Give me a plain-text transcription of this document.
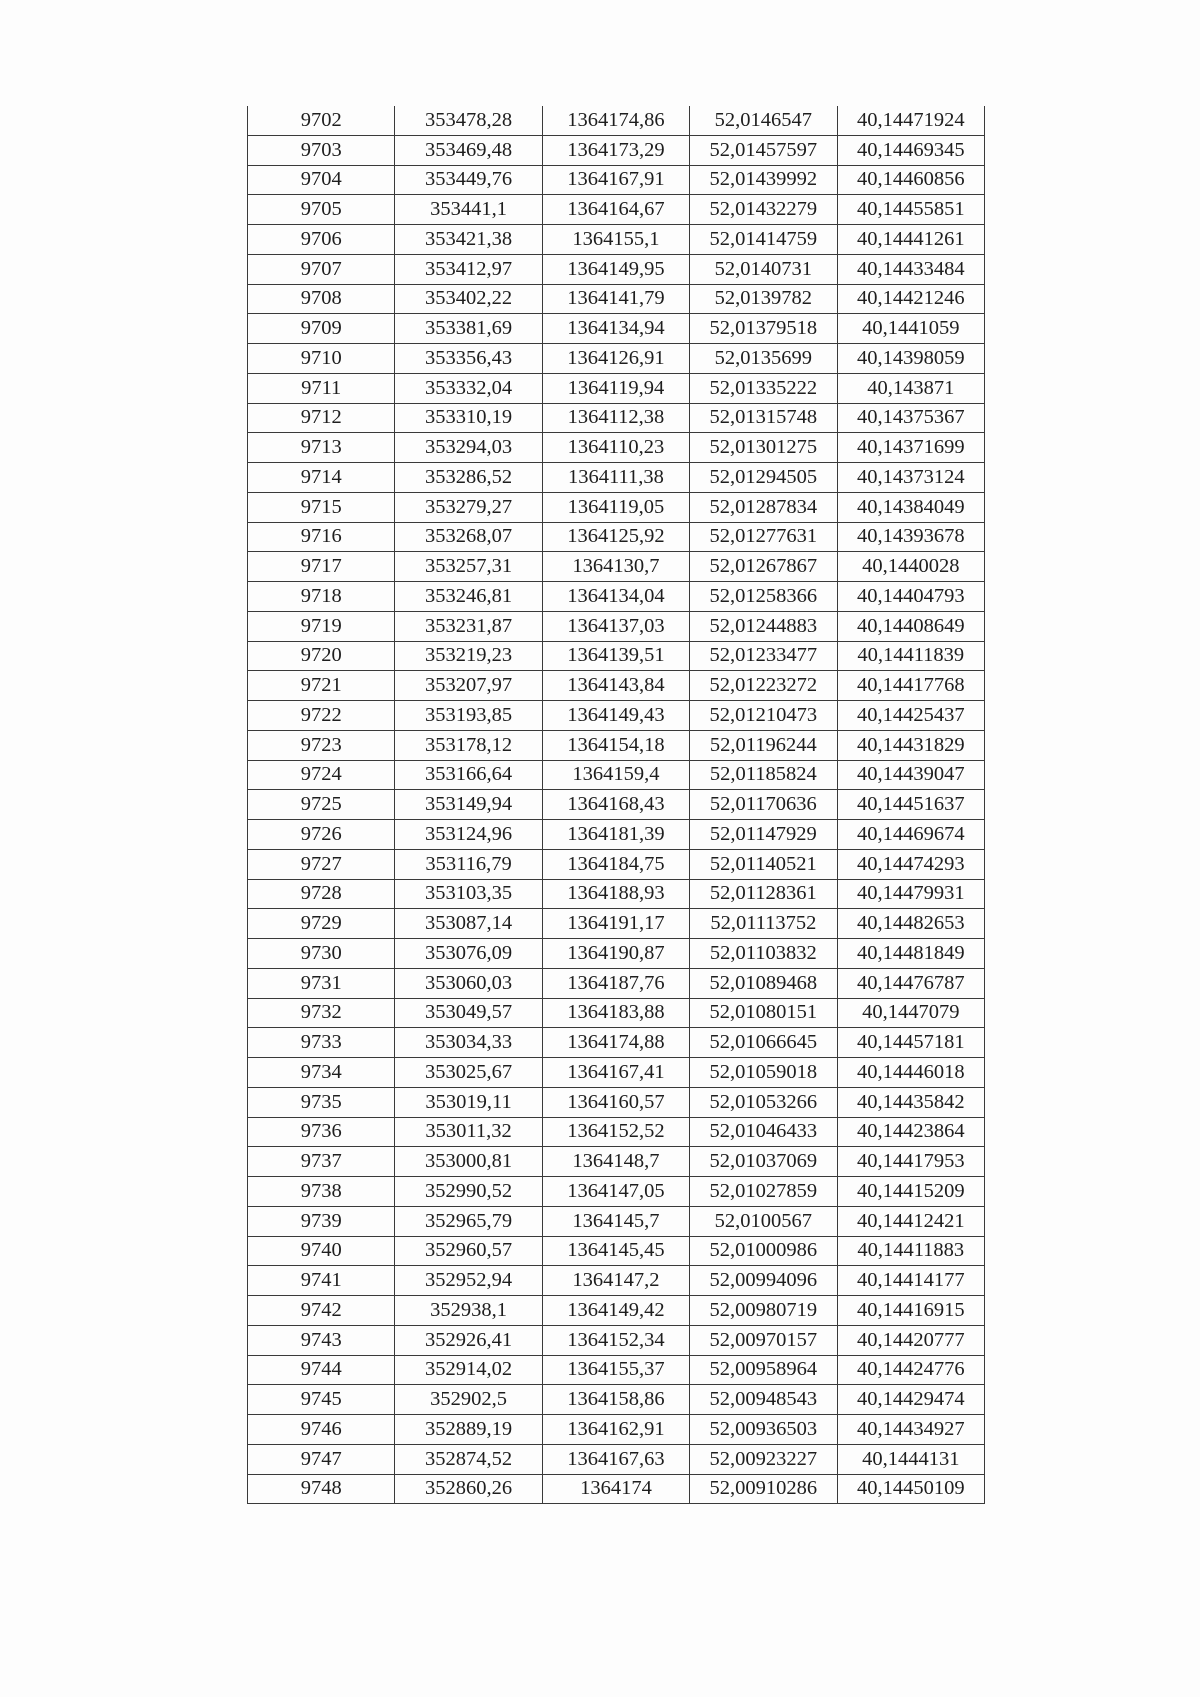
9702	353478,28	1364174,86	52,0146547	40,14471924
9703	353469,48	1364173,29	52,01457597	40,14469345
9704	353449,76	1364167,91	52,01439992	40,14460856
9705	353441,1	1364164,67	52,01432279	40,14455851
9706	353421,38	1364155,1	52,01414759	40,14441261
9707	353412,97	1364149,95	52,0140731	40,14433484
9708	353402,22	1364141,79	52,0139782	40,14421246
9709	353381,69	1364134,94	52,01379518	40,1441059
9710	353356,43	1364126,91	52,0135699	40,14398059
9711	353332,04	1364119,94	52,01335222	40,143871
9712	353310,19	1364112,38	52,01315748	40,14375367
9713	353294,03	1364110,23	52,01301275	40,14371699
9714	353286,52	1364111,38	52,01294505	40,14373124
9715	353279,27	1364119,05	52,01287834	40,14384049
9716	353268,07	1364125,92	52,01277631	40,14393678
9717	353257,31	1364130,7	52,01267867	40,1440028
9718	353246,81	1364134,04	52,01258366	40,14404793
9719	353231,87	1364137,03	52,01244883	40,14408649
9720	353219,23	1364139,51	52,01233477	40,14411839
9721	353207,97	1364143,84	52,01223272	40,14417768
9722	353193,85	1364149,43	52,01210473	40,14425437
9723	353178,12	1364154,18	52,01196244	40,14431829
9724	353166,64	1364159,4	52,01185824	40,14439047
9725	353149,94	1364168,43	52,01170636	40,14451637
9726	353124,96	1364181,39	52,01147929	40,14469674
9727	353116,79	1364184,75	52,01140521	40,14474293
9728	353103,35	1364188,93	52,01128361	40,14479931
9729	353087,14	1364191,17	52,01113752	40,14482653
9730	353076,09	1364190,87	52,01103832	40,14481849
9731	353060,03	1364187,76	52,01089468	40,14476787
9732	353049,57	1364183,88	52,01080151	40,1447079
9733	353034,33	1364174,88	52,01066645	40,14457181
9734	353025,67	1364167,41	52,01059018	40,14446018
9735	353019,11	1364160,57	52,01053266	40,14435842
9736	353011,32	1364152,52	52,01046433	40,14423864
9737	353000,81	1364148,7	52,01037069	40,14417953
9738	352990,52	1364147,05	52,01027859	40,14415209
9739	352965,79	1364145,7	52,0100567	40,14412421
9740	352960,57	1364145,45	52,01000986	40,14411883
9741	352952,94	1364147,2	52,00994096	40,14414177
9742	352938,1	1364149,42	52,00980719	40,14416915
9743	352926,41	1364152,34	52,00970157	40,14420777
9744	352914,02	1364155,37	52,00958964	40,14424776
9745	352902,5	1364158,86	52,00948543	40,14429474
9746	352889,19	1364162,91	52,00936503	40,14434927
9747	352874,52	1364167,63	52,00923227	40,1444131
9748	352860,26	1364174	52,00910286	40,14450109
